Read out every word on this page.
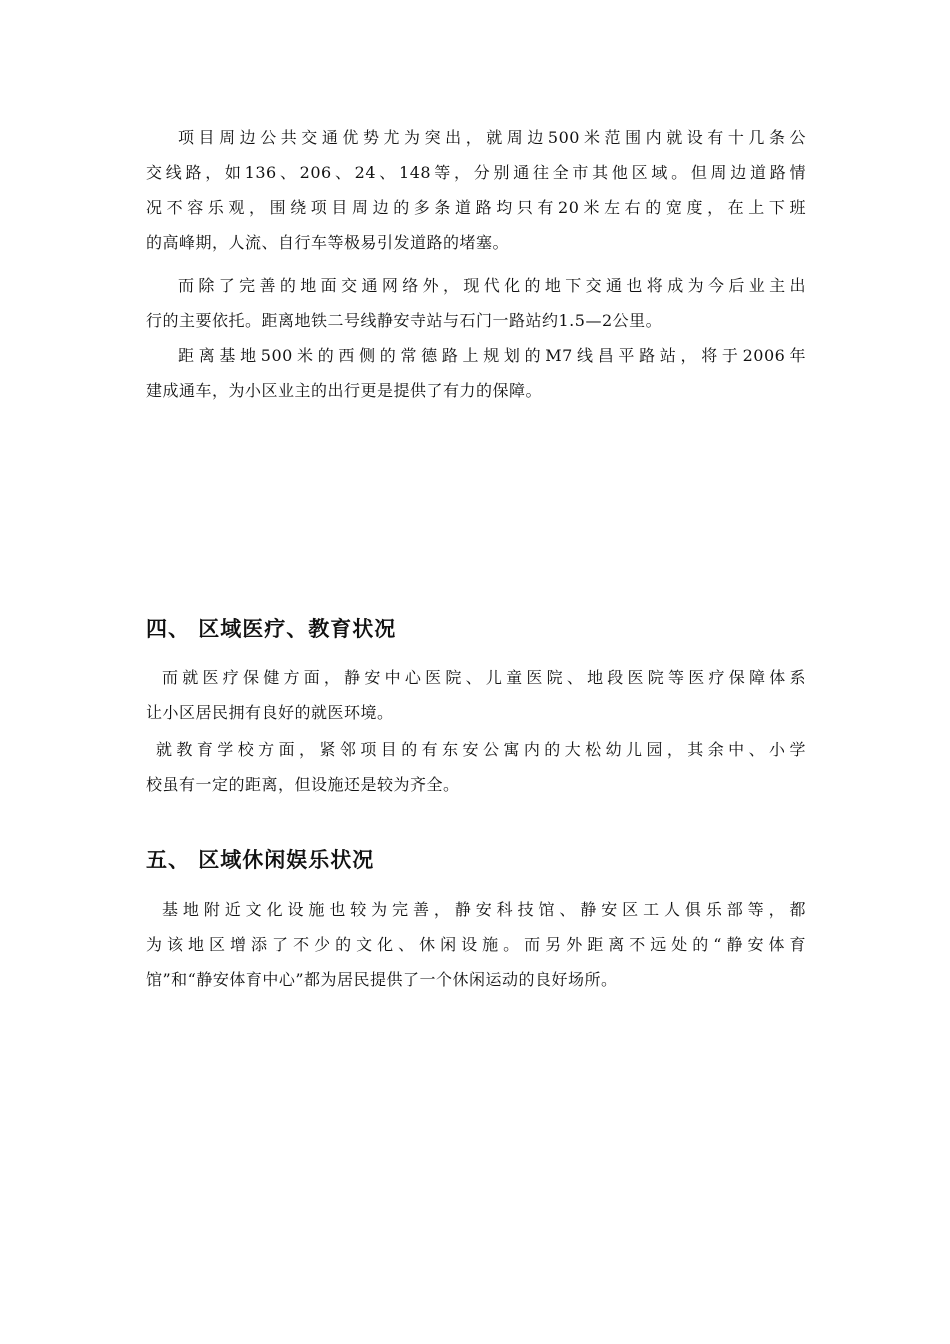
项目周边公共交通优势尤为突出，就周边500米范围内就设有十几条公
交线路，如136、206、24、148等，分别通往全市其他区域。但周边道路情
况不容乐观，围绕项目周边的多条道路均只有20米左右的宽度，在上下班
的高峰期，人流、自行车等极易引发道路的堵塞。
而除了完善的地面交通网络外，现代化的地下交通也将成为今后业主出
行的主要依托。距离地铁二号线静安寺站与石门一路站约1.5—2公里。
距离基地500米的西侧的常德路上规划的M7线昌平路站，将于2006年
建成通车，为小区业主的出行更是提供了有力的保障。
四、 区域医疗、教育状况
而就医疗保健方面，静安中心医院、儿童医院、地段医院等医疗保障体系
让小区居民拥有良好的就医环境。
就教育学校方面，紧邻项目的有东安公寓内的大松幼儿园，其余中、小学
校虽有一定的距离，但设施还是较为齐全。
五、 区域休闲娱乐状况
基地附近文化设施也较为完善，静安科技馆、静安区工人俱乐部等，都
为该地区增添了不少的文化、休闲设施。而另外距离不远处的“静安体育
馆”和“静安体育中心”都为居民提供了一个休闲运动的良好场所。
